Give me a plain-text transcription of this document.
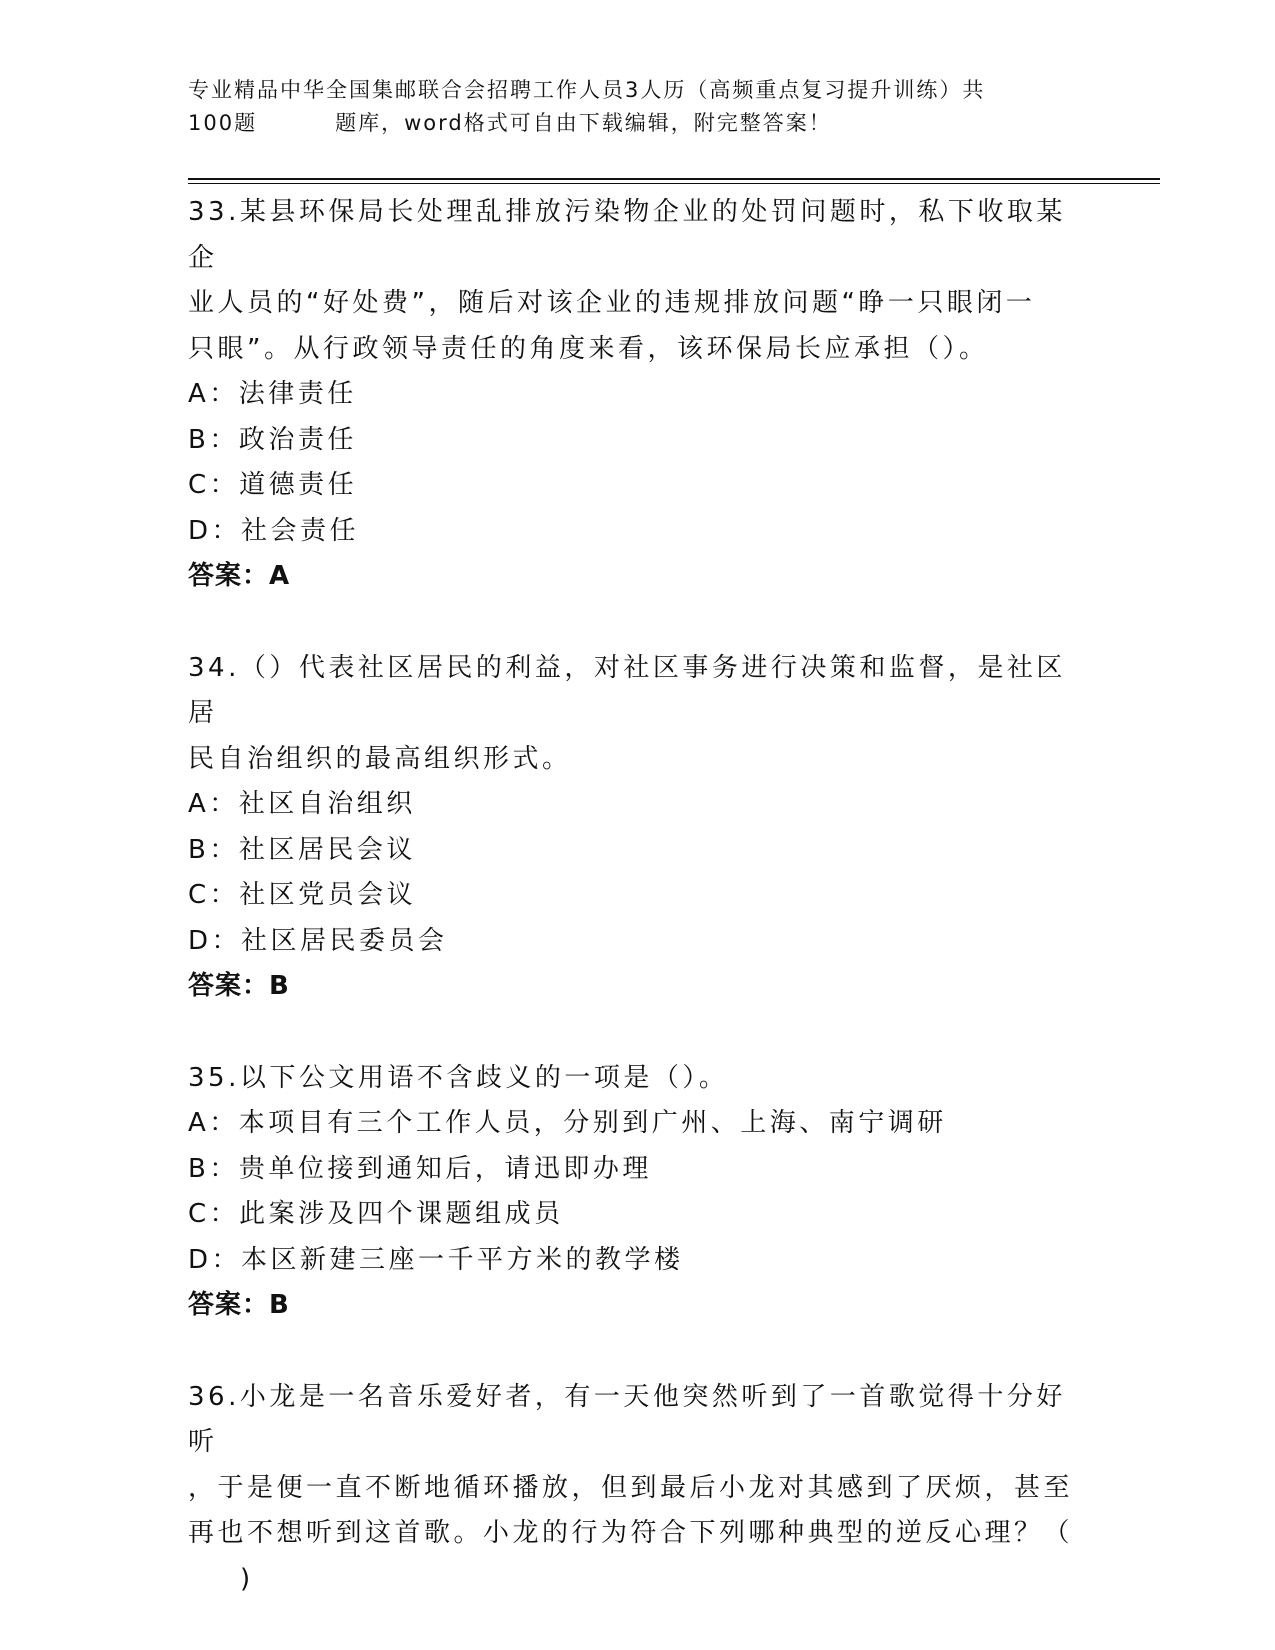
专业精品中华全国集邮联合会招聘工作人员3人历（高频重点复习提升训练）共
100题	题库，word格式可自由下载编辑，附完整答案！

33.某县环保局长处理乱排放污染物企业的处罚问题时，私下收取某企

业人员的“好处费”，随后对该企业的违规排放问题“睁一只眼闭一

只眼”。从行政领导责任的角度来看，该环保局长应承担（）。

A：法律责任

B：政治责任

C：道德责任

D：社会责任

答案：A

34.（）代表社区居民的利益，对社区事务进行决策和监督，是社区居

民自治组织的最高组织形式。

A：社区自治组织

B：社区居民会议

C：社区党员会议

D：社区居民委员会

答案：B

35.以下公文用语不含歧义的一项是（）。

A：本项目有三个工作人员，分别到广州、上海、南宁调研

B：贵单位接到通知后，请迅即办理

C：此案涉及四个课题组成员

D：本区新建三座一千平方米的教学楼

答案：B

36.小龙是一名音乐爱好者，有一天他突然听到了一首歌觉得十分好听

，于是便一直不断地循环播放，但到最后小龙对其感到了厌烦，甚至

再也不想听到这首歌。小龙的行为符合下列哪种典型的逆反心理？（

)
